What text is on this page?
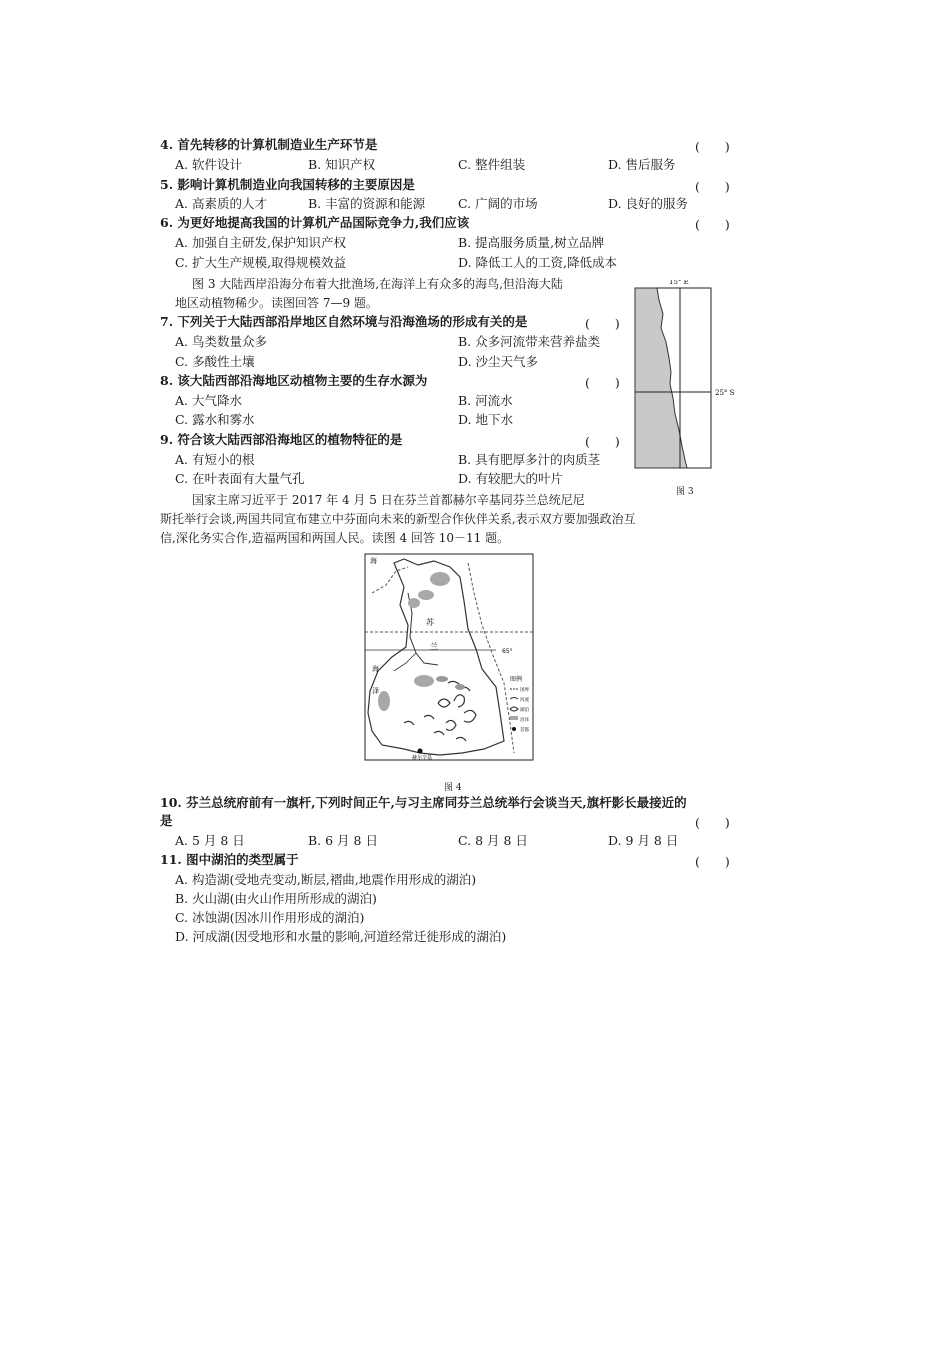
4. 首先转移的计算机制造业生产环节是	(　　)
A. 软件设计	B. 知识产权	C. 整件组装	D. 售后服务
5. 影响计算机制造业向我国转移的主要原因是	(　　)
A. 高素质的人才	B. 丰富的资源和能源	C. 广阔的市场	D. 良好的服务
6. 为更好地提高我国的计算机产品国际竞争力,我们应该	(　　)
A. 加强自主研发,保护知识产权	B. 提高服务质量,树立品牌
C. 扩大生产规模,取得规模效益	D. 降低工人的工资,降低成本
图 3 大陆西岸沿海分布着大批渔场,在海洋上有众多的海鸟,但沿海大陆
地区动植物稀少。读图回答 7—9 题。
7. 下列关于大陆西部沿岸地区自然环境与沿海渔场的形成有关的是	(　　)
A. 鸟类数量众多	B. 众多河流带来营养盐类
C. 多酸性土壤	D. 沙尘天气多
8. 该大陆西部沿海地区动植物主要的生存水源为	(　　)
A. 大气降水	B. 河流水
C. 露水和雾水	D. 地下水
9. 符合该大陆西部沿海地区的植物特征的是	(　　)
A. 有短小的根	B. 具有肥厚多汁的肉质茎
C. 在叶表面有大量气孔	D. 有较肥大的叶片
15° E
25° S
图 3
国家主席习近平于 2017 年 4 月 5 日在芬兰首都赫尔辛基同芬兰总统尼尼
斯托举行会谈,两国共同宣布建立中芬面向未来的新型合作伙伴关系,表示双方要加强政治互
信,深化务实合作,造福两国和两国人民。读图 4 回答 10－11 题。
海
苏
兰
海
泽
65°
赫尔辛基
图例
国界
河流
湖泊
沼泽
首都
图 4
10. 芬兰总统府前有一旗杆,下列时间正午,与习主席同芬兰总统举行会谈当天,旗杆影长最接近的
是	(　　)
A. 5 月 8 日	B. 6 月 8 日	C. 8 月 8 日	D. 9 月 8 日
11. 图中湖泊的类型属于	(　　)
A. 构造湖(受地壳变动,断层,褶曲,地震作用形成的湖泊)
B. 火山湖(由火山作用所形成的湖泊)
C. 冰蚀湖(因冰川作用形成的湖泊)
D. 河成湖(因受地形和水量的影响,河道经常迁徙形成的湖泊)
